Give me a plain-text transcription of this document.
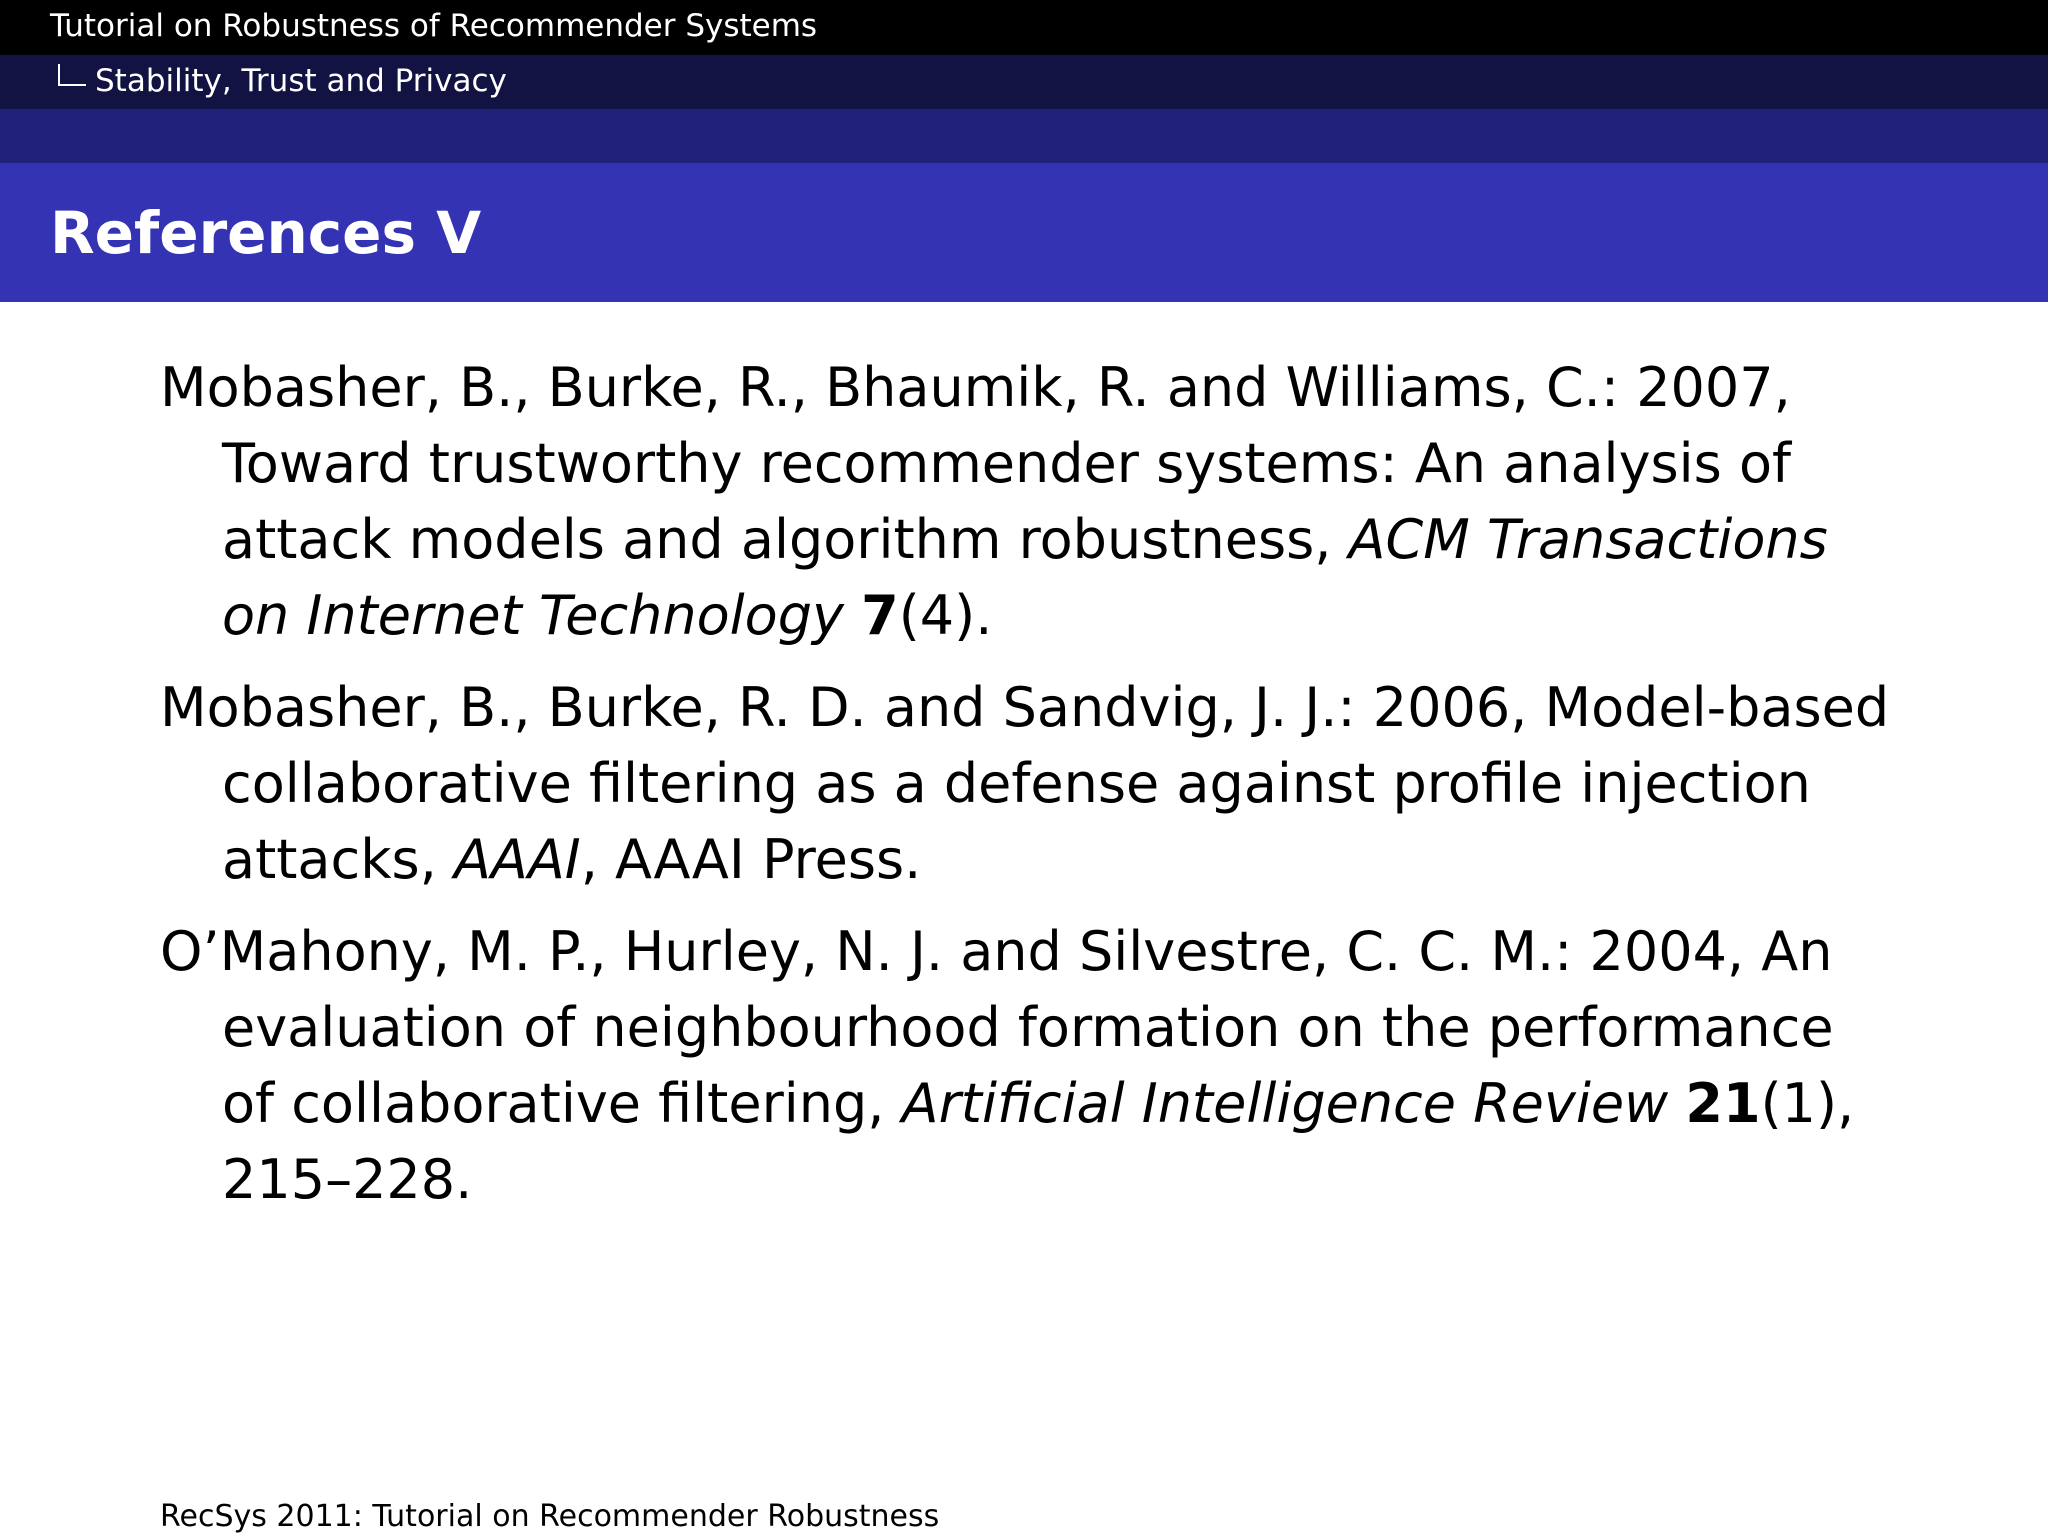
Tutorial on Robustness of Recommender Systems
Stability, Trust and Privacy
References V
Mobasher, B., Burke, R., Bhaumik, R. and Williams, C.: 2007, Toward trustworthy recommender systems: An analysis of attack models and algorithm robustness, ACM Transactions on Internet Technology 7(4).
Mobasher, B., Burke, R. D. and Sandvig, J. J.: 2006, Model-based collaborative filtering as a defense against profile injection attacks, AAAI, AAAI Press.
O’Mahony, M. P., Hurley, N. J. and Silvestre, C. C. M.: 2004, An evaluation of neighbourhood formation on the performance of collaborative filtering, Artificial Intelligence Review 21(1), 215–228.
RecSys 2011: Tutorial on Recommender Robustness
